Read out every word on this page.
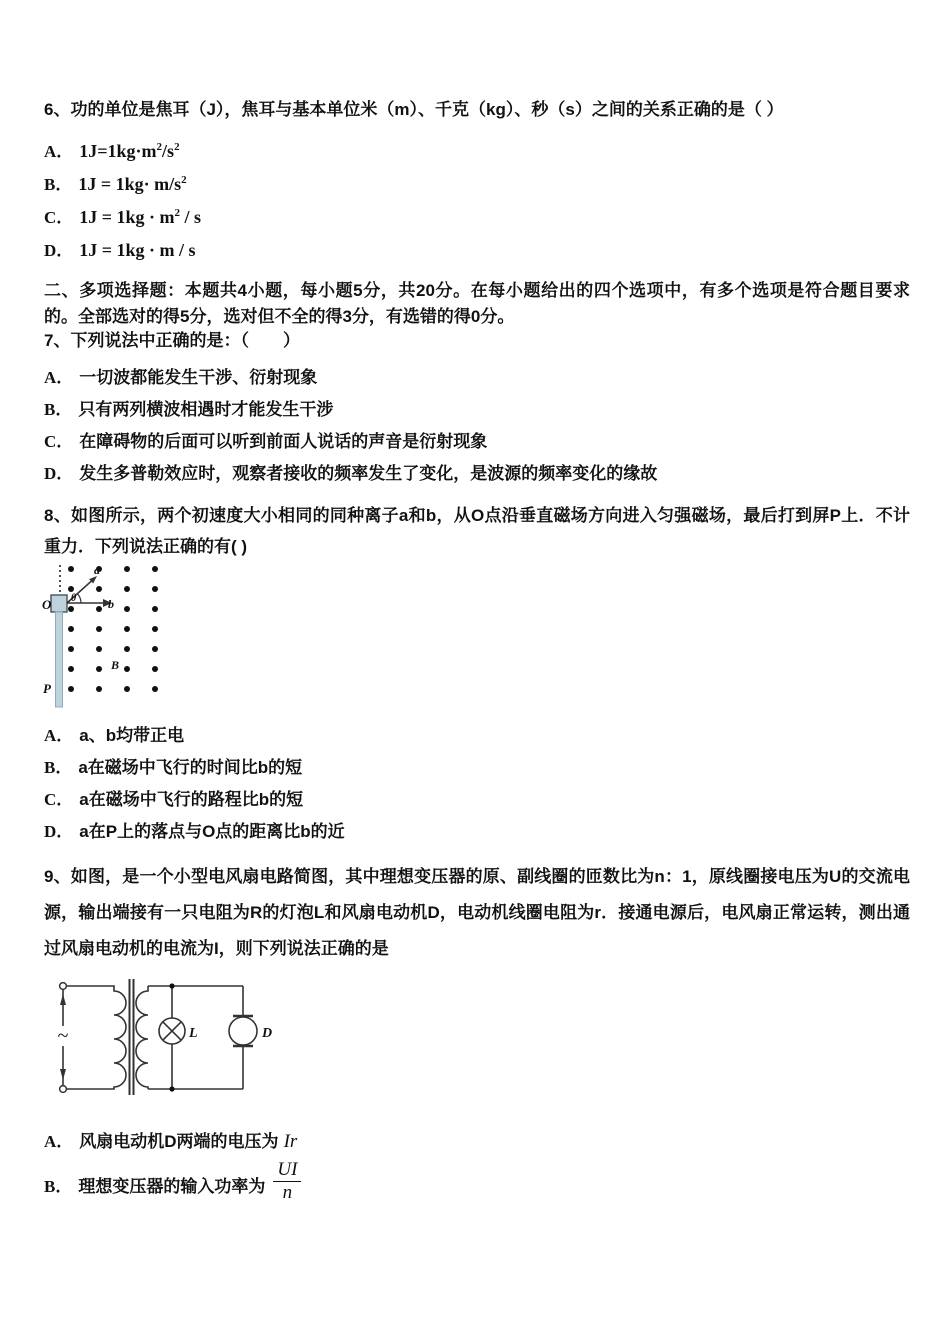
6、功的单位是焦耳（J），焦耳与基本单位米（m）、千克（kg）、秒（s）之间的关系正确的是（ ）
A． $1J=1kg\cdot m^2/s^2$
B． $1J = 1kg\cdot m/s^2$
C． $1J = 1kg \cdot m^2 / s$
D． 1J = 1kg · m / s
二、多项选择题：本题共4小题，每小题5分，共20分。在每小题给出的四个选项中，有多个选项是符合题目要求的。全部选对的得5分，选对但不全的得3分，有选错的得0分。
7、下列说法中正确的是：（　　）
A． 一切波都能发生干涉、衍射现象
B． 只有两列横波相遇时才能发生干涉
C． 在障碍物的后面可以听到前面人说话的声音是衍射现象
D． 发生多普勒效应时，观察者接收的频率发生了变化，是波源的频率变化的缘故
8、如图所示，两个初速度大小相同的同种离子a和b，从O点沿垂直磁场方向进入匀强磁场，最后打到屏P上．不计重力．下列说法正确的有( )
O
a
b
θ
B
P
A． a、b均带正电
B． a在磁场中飞行的时间比b的短
C． a在磁场中飞行的路程比b的短
D． a在P上的落点与O点的距离比b的近
9、如图，是一个小型电风扇电路简图，其中理想变压器的原、副线圈的匝数比为n：1，原线圈接电压为U的交流电源，输出端接有一只电阻为R的灯泡L和风扇电动机D，电动机线圈电阻为r．接通电源后，电风扇正常运转，测出通过风扇电动机的电流为I，则下列说法正确的是
~	L	D
A． 风扇电动机D两端的电压为 Ir
B． 理想变压器的输入功率为 $\frac{UI}{n}$
